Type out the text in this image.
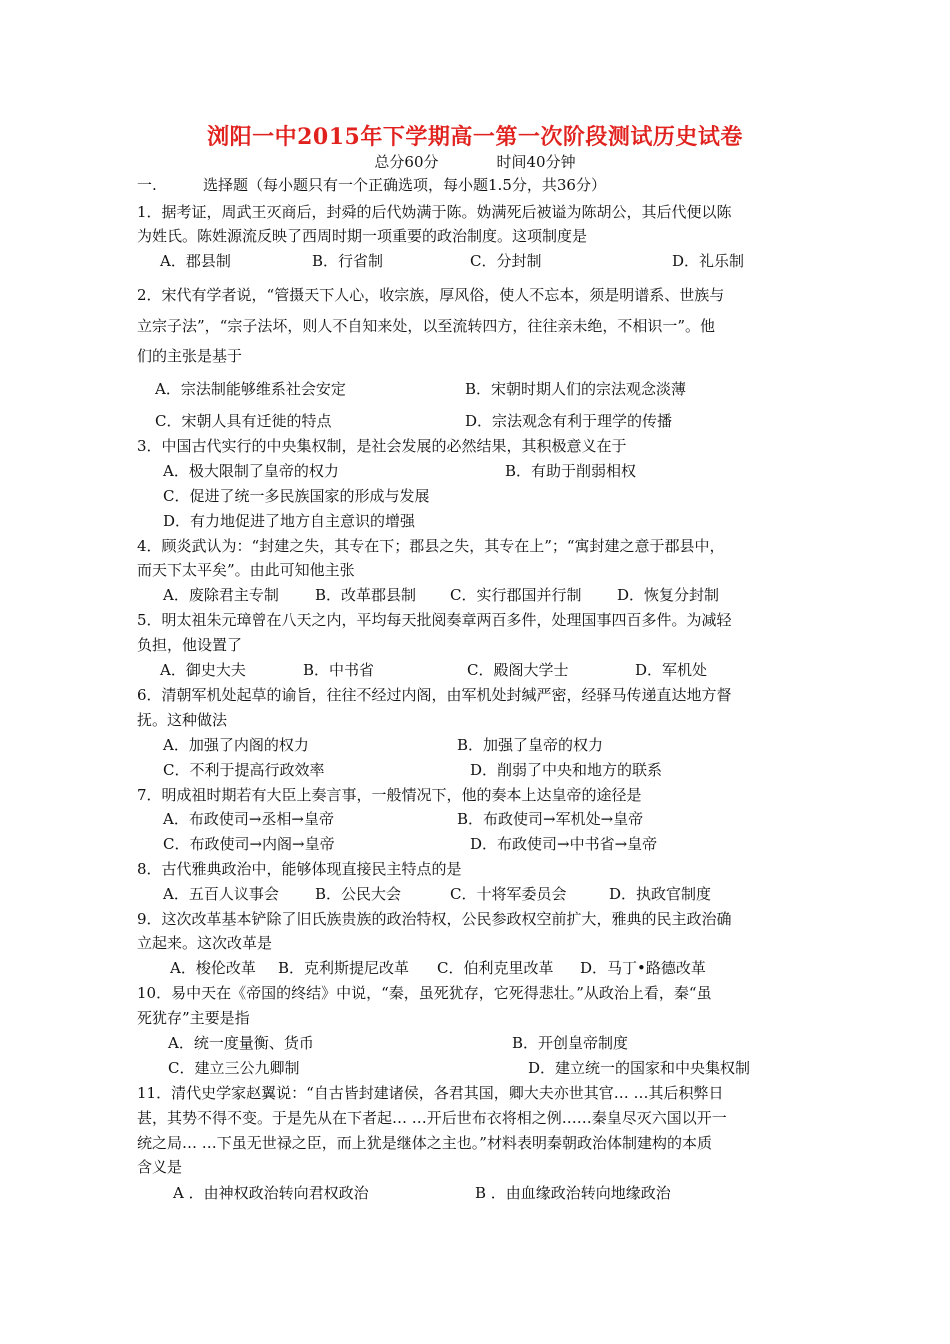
浏阳一中2015年下学期高一第一次阶段测试历史试卷
总分60分	时间40分钟
一.	选择题（每小题只有一个正确选项，每小题1.5分，共36分）
1．据考证，周武王灭商后，封舜的后代妫满于陈。妫满死后被谥为陈胡公，其后代便以陈
为姓氏。陈姓源流反映了西周时期一项重要的政治制度。这项制度是
A．郡县制	B．行省制	C．分封制	D．礼乐制
2．宋代有学者说，“管摄天下人心，收宗族，厚风俗，使人不忘本，须是明谱系、世族与
立宗子法”，“宗子法坏，则人不自知来处，以至流转四方，往往亲未绝，不相识一”。他
们的主张是基于
A．宗法制能够维系社会安定	B．宋朝时期人们的宗法观念淡薄
C．宋朝人具有迁徙的特点	D．宗法观念有利于理学的传播
3．中国古代实行的中央集权制，是社会发展的必然结果，其积极意义在于
A．极大限制了皇帝的权力	B．有助于削弱相权
C．促进了统一多民族国家的形成与发展
D．有力地促进了地方自主意识的增强
4．顾炎武认为：“封建之失，其专在下；郡县之失，其专在上”；“寓封建之意于郡县中，
而天下太平矣”。由此可知他主张
A．废除君主专制 B．改革郡县制 C．实行郡国并行制 D．恢复分封制
5．明太祖朱元璋曾在八天之内，平均每天批阅奏章两百多件，处理国事四百多件。为减轻
负担，他设置了
A．御史大夫	B．中书省	C．殿阁大学士	D．军机处
6．清朝军机处起草的谕旨，往往不经过内阁，由军机处封缄严密，经驿马传递直达地方督
抚。这种做法
A．加强了内阁的权力	B．加强了皇帝的权力
C．不利于提高行政效率	D．削弱了中央和地方的联系
7．明成祖时期若有大臣上奏言事，一般情况下，他的奏本上达皇帝的途径是
A．布政使司→丞相→皇帝	B．布政使司→军机处→皇帝
C．布政使司→内阁→皇帝	D．布政使司→中书省→皇帝
8．古代雅典政治中，能够体现直接民主特点的是
A．五百人议事会 B．公民大会	C．十将军委员会	D．执政官制度
9．这次改革基本铲除了旧氏族贵族的政治特权，公民参政权空前扩大，雅典的民主政治确
立起来。这次改革是
A．梭伦改革 B．克利斯提尼改革 C．伯利克里改革 D．马丁•路德改革
10．易中天在《帝国的终结》中说，“秦，虽死犹存，它死得悲壮。”从政治上看，秦“虽
死犹存”主要是指
A．统一度量衡、货币	B．开创皇帝制度
C．建立三公九卿制	D．建立统一的国家和中央集权制
11．清代史学家赵翼说：“自古皆封建诸侯，各君其国，卿大夫亦世其官… …其后积弊日
甚，其势不得不变。于是先从在下者起… …开后世布衣将相之例……秦皇尽灭六国以开一
统之局… …下虽无世禄之臣，而上犹是继体之主也。”材料表明秦朝政治体制建构的本质
含义是
A ．由神权政治转向君权政治	B ．由血缘政治转向地缘政治
